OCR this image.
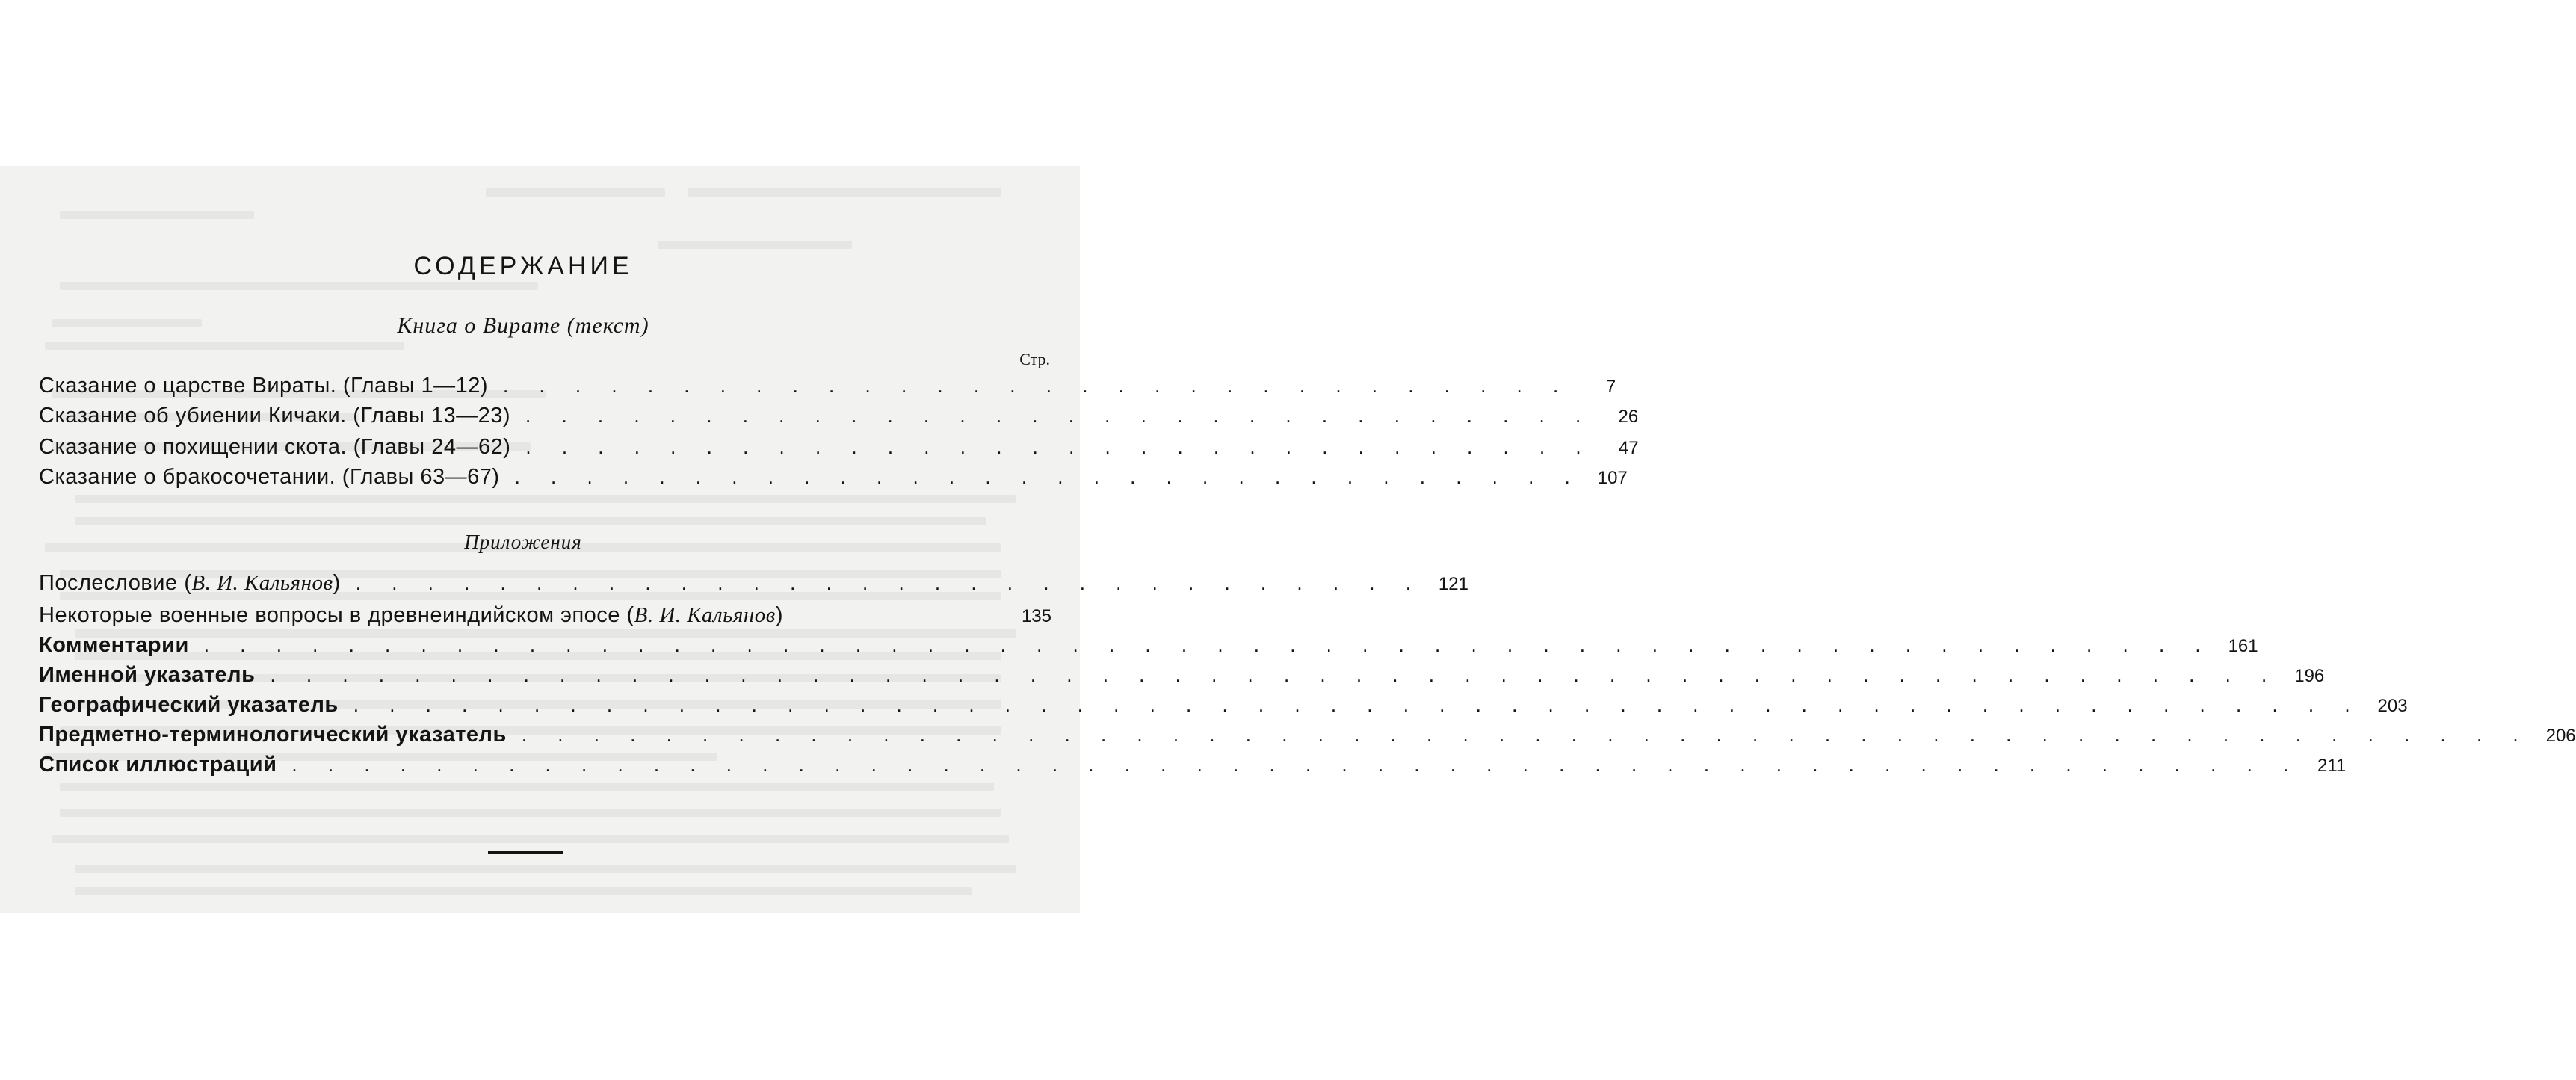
СОДЕРЖАНИЕ
Книга о Вирате (текст)
Стр.
Сказание о царстве Вираты. (Главы 1—12) . . . . . . . . . . . . . . . . . . . . . . . . . . . . . .	7
Сказание об убиении Кичаки. (Главы 13—23) . . . . . . . . . . . . . . . . . . . . . . . . . . . . . .	26
Сказание о похищении скота. (Главы 24—62) . . . . . . . . . . . . . . . . . . . . . . . . . . . . . .	47
Сказание о бракосочетании. (Главы 63—67) . . . . . . . . . . . . . . . . . . . . . . . . . . . . . . 107
Приложения
Послесловие (В. И. Кальянов) . . . . . . . . . . . . . . . . . . . . . . . . . . . . . . 121
Некоторые военные вопросы в древнеиндийском эпосе (В. И. Кальянов)	135
Комментарии . . . . . . . . . . . . . . . . . . . . . . . . . . . . . . . . . . . . . . . . . . . . . . . . . . . . . . . . 161
Именной указатель . . . . . . . . . . . . . . . . . . . . . . . . . . . . . . . . . . . . . . . . . . . . . . . . . . . . . . . . 196
Географический указатель . . . . . . . . . . . . . . . . . . . . . . . . . . . . . . . . . . . . . . . . . . . . . . . . . . . . . . . . 203
Предметно-терминологический указатель . . . . . . . . . . . . . . . . . . . . . . . . . . . . . . . . . . . . . . . . . . . . . . . . . . . . . . . . 206
Список иллюстраций . . . . . . . . . . . . . . . . . . . . . . . . . . . . . . . . . . . . . . . . . . . . . . . . . . . . . . . . 211
